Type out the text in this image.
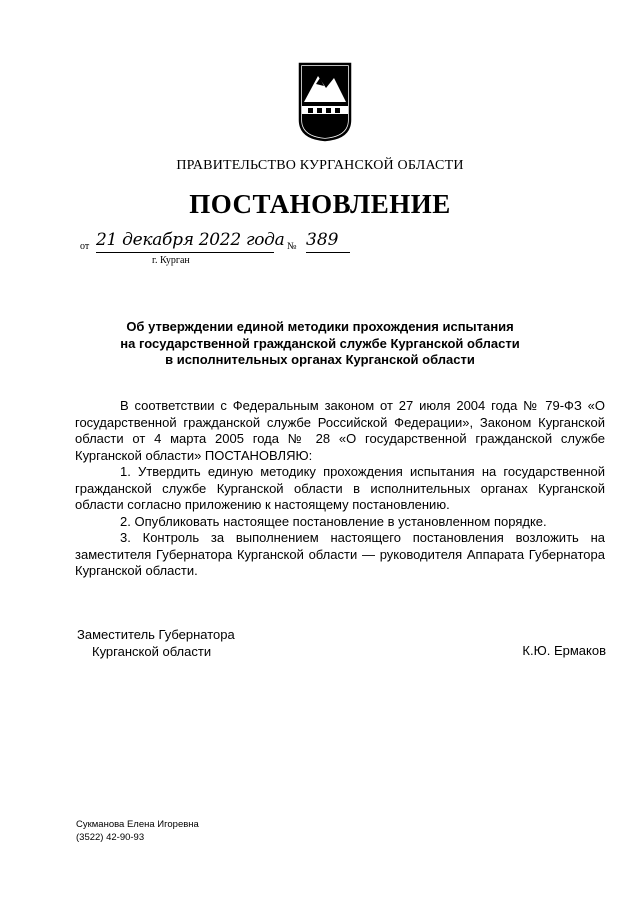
ПРАВИТЕЛЬСТВО КУРГАНСКОЙ ОБЛАСТИ
ПОСТАНОВЛЕНИЕ
от 21 декабря 2022 года № 389
г. Курган
Об утверждении единой методики прохождения испытания
на государственной гражданской службе Курганской области
в исполнительных органах Курганской области

В соответствии с Федеральным законом от 27 июля 2004 года № 79-ФЗ «О государственной гражданской службе Российской Федерации», Законом Курганской области от 4 марта 2005 года № 28 «О государственной гражданской службе Курганской области» ПОСТАНОВЛЯЮ:

1. Утвердить единую методику прохождения испытания на государственной гражданской службе Курганской области в исполнительных органах Курганской области согласно приложению к настоящему постановлению.

2. Опубликовать настоящее постановление в установленном порядке.

3. Контроль за выполнением настоящего постановления возложить на заместителя Губернатора Курганской области — руководителя Аппарата Губернатора Курганской области.

Заместитель Губернатора
Курганской области	К.Ю. Ермаков
Сукманова Елена Игоревна
(3522) 42-90-93
